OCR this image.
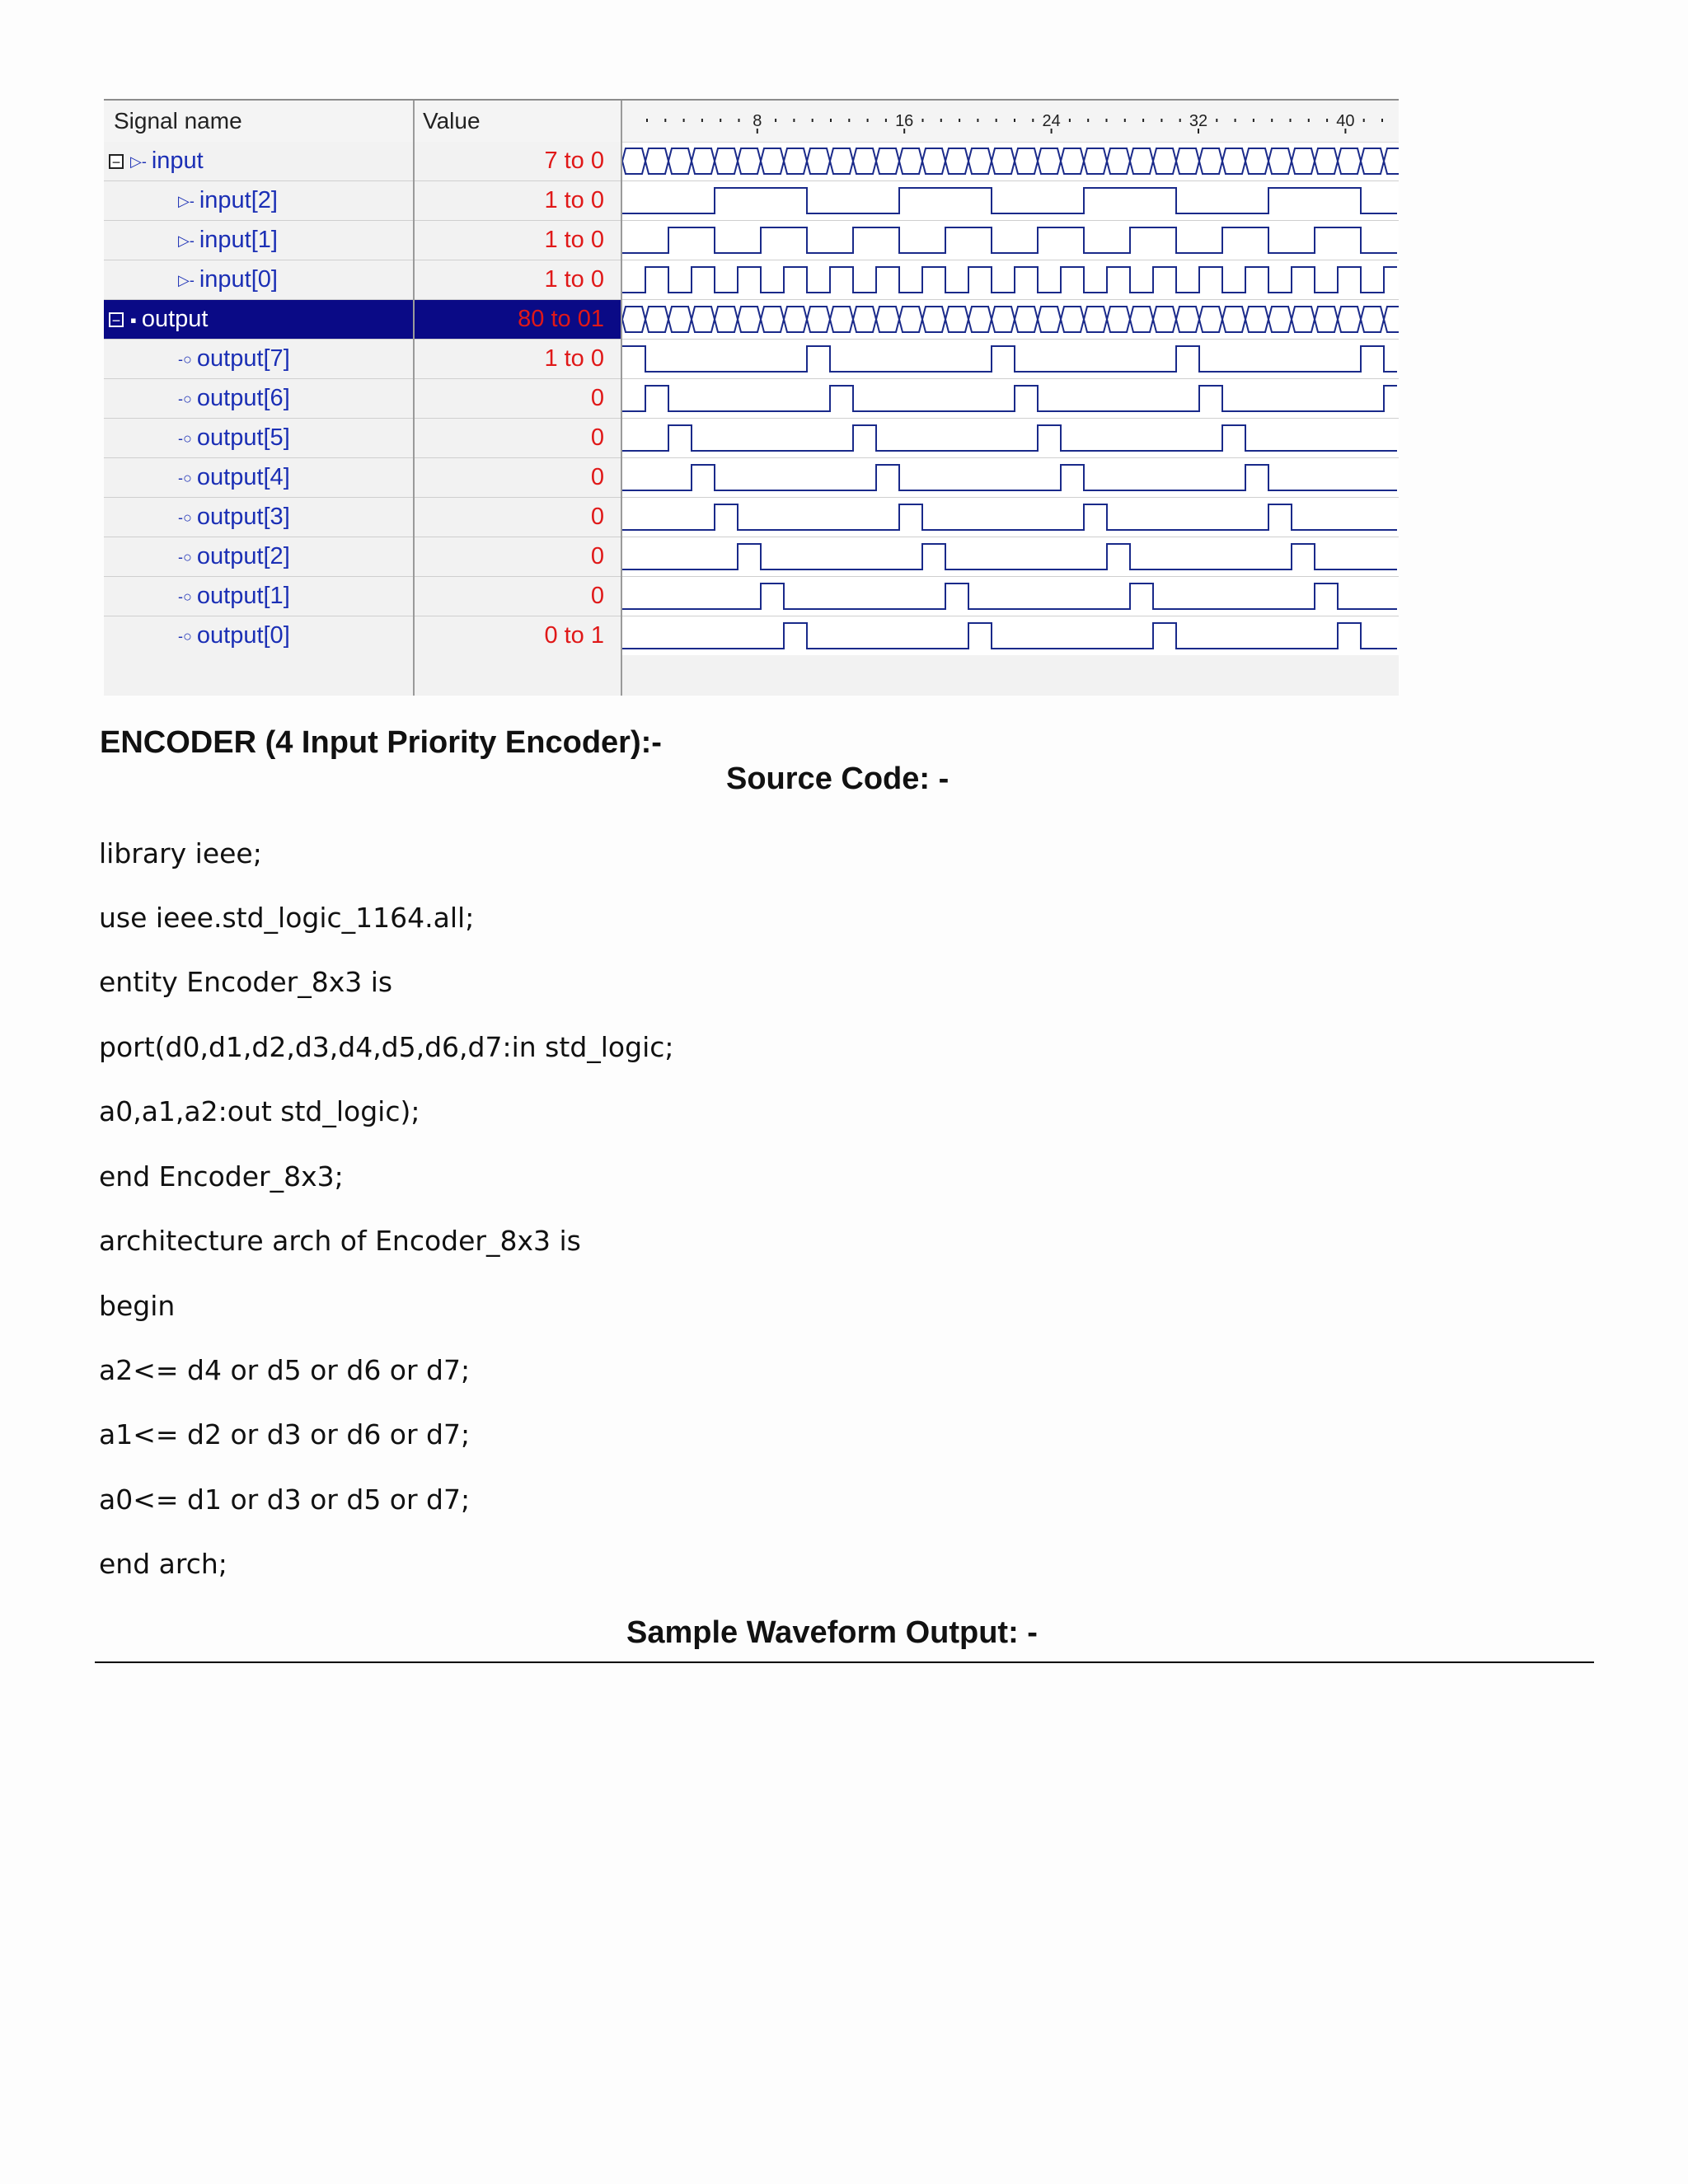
Signal name	Value
− ▷- input	7 to 0
▷- input[2]	1 to 0
▷- input[1]	1 to 0
▷- input[0]	1 to 0
− ▪ output	80 to 01
-○ output[7]	1 to 0
-○ output[6]	0
-○ output[5]	0
-○ output[4]	0
-○ output[3]	0
-○ output[2]	0
-○ output[1]	0
-○ output[0]	0 to 1
8	16	24	32	40
ENCODER (4 Input Priority Encoder):-
Source Code: -
library ieee;
use ieee.std_logic_1164.all;
entity Encoder_8x3 is
port(d0,d1,d2,d3,d4,d5,d6,d7:in std_logic;
a0,a1,a2:out std_logic);
end Encoder_8x3;
architecture arch of Encoder_8x3 is
begin
a2<= d4 or d5 or d6 or d7;
a1<= d2 or d3 or d6 or d7;
a0<= d1 or d3 or d5 or d7;
end arch;
Sample Waveform Output: -
